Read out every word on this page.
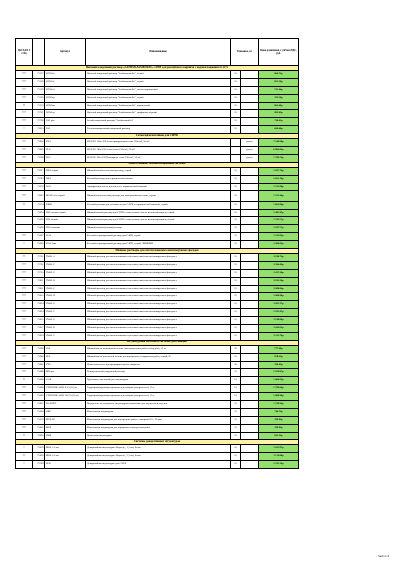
ЦО EAN 5 стбц		Артикул	Наименование	Упаковка, кг.		Цена розничная с учётом НДС, руб.
Цветной кладочный раствор «LAHTI/KASSMOKEL» LHM для российского кирпича с водопоглощением 6-12%						
***	72127	LHM ба	Цветной кладочный раствор "Lasikaasunteliii", белый	25		800.72р
***	72158	LHM бг	Цветной кладочный раствор "Lasikaasunteliii", серый	25		851.59р
***	72159	LHM сб	Цветной кладочный раствор "Lasikaasunteliii", светло-коричневый	25		731.46р
***	72120	LHM кр	Цветной кладочный раствор "Lasikaasunteliii", серый	25		785.59р
**	72133	LHM бм	Цветной кладочный раствор "Lasikaasunteliii", коричневый	25		861.09р
***	72721	LHM ер	Цветной кладочный раствор "Lasikaasunteliii", графитово-чёрный	25		893.82р
***	72798	LM_pbs	Белый кладочный раствор "Lasikaasunteliii"	25		738.41р
*	72615	LM	Теплоизоляционный кладочный раствор	25		686.48р
Сетки щёлочестойкие для СФТК						
***	72816	LW1	RU-LW1 160г/100 белая армирующая сетка 165г/м2, 50 м2		рулон	7 148.98р
***	72485	PLG	RU-PLG 160г/100 белая сетка 150г/м2, 50 м2		рулон	6 983.82р
***	72598	PGF	RU-PGF 165г/100 Панцирная сетка 330г/м2, 25 м2		рулон	7 789.72р
Многослойные теплоизоляционные системы						
***	72917	RKS серый	Шпаклёвочный и клеевой раствор, серый	25		1 837.76р
***	72583	RKS	Клеевой раствор для керамической плитки	25		1 653.18р
***	72678	RAS	Армирующая смесь для систем с керамической плиткой	25		1 531.98р
***	72667	MS-R3 ч/п серый	Шпаклёвочно-клеевой раствор для минераловатных плит, серый	25		1 701.46р
**	72574	KMB	Клеевой раствор для утеплителя для СФТК с керамической плиткой, серый	25		1 603.84р
	72614	RSS основа серый	Шпаклёвочный раствор для СФТК с нанесением слоя из пенополистирола, серый	25		1 495.47р
	72628	RSS белый	Шпаклёвочный раствор для СФТК с нанесением слоя из пенополистирола, белый	25		1 533.57р
	72438	RSS базовый	Шпаклёвочный базовый раствор	25		1 937.57р
***	72667	KAS	Клеевой и армирующий раствор для СФТК серый	25		1 321.83р
*	72665	KAS 3мм	Клеевой и армирующий раствор для СФТК, серый, ЗИМНИЙ	25		1 306.83р
Шовные растворы для систем навесных вентилируемых фасадов						
**	72701	FM-R. A	Шовный раствор для использования в системах навесных вентилируемых фасадов с	25		3 238.72р
***	72701	FM-R. F	Шовный раствор для использования в системах навесных вентилируемых фасадов с	25		3 394.43р
***	72710	FM-R. E	Шовный раствор для использования в системах навесных вентилируемых фасадов с	25		3 437.38р
***	72811	FM-R. B	Шовный раствор для использования в системах навесных вентилируемых фасадов с	25		3 232.39р
***	72811	FM-R. C	Шовный раствор для использования в системах навесных вентилируемых фасадов с	25		3 098.84р
***	72813	FM-R. D	Шовный раствор для использования в системах навесных вентилируемых фасадов с	25		3 088.98р
***	72814	FM-R. E	Шовный раствор для использования в системах навесных вентилируемых фасадов с	25		3 205.37р
***	72814	FM-R. F	Шовный раствор для использования в системах навесных вентилируемых фасадов с	25		3 335.47р
***	72815	FM-R. G	Шовный раствор для использования в системах навесных вентилируемых фасадов с	25		3 218.89р
***	72817	FM-R. H	Шовный раствор для использования в системах навесных вентилируемых фасадов с	25		3 433.05р
***	72819	FM-R. P	Шовный раствор для использования в системах навесных вентилируемых фасадов с	25		3 211.74р
Штукатурные системы и системы для санации						
***	72699	PSS	Шпаклёвка на полимерной основе для внутренних работ (сбор/доп), 25 кг	20		777.69р
***	72668	ZPL	Шпаклёвка на цементной основе для внутренних и наружных работ, серый, 25	25		878.22р
***	72682	ZYP	Цементная смесь для предварительного набрызга	30		706.43р
***	72688	MH-pro	Универсальный кладочный раствор	25		1 974.87р
**	72688	GAB	Грунтовка с щелочной pro штукатурки	10		1 800.05р
***	72686	VISTEROL SOW SAA (10) ai	Гидрофобизирующая пропитка для защиты поверхностей, 10 л	10		1 798.00р
***	72682	VISTEROL SOW 30(70) (10 ai)	Гидрофобизирующая пропитка для защиты поверхностей, 10 л	10		1 888.88р
***	72611	BA-BIXY	Внутреннее безусадочное штукатурная шпаклёвка для внутренней отделки	25		1 728.24р
***	72604	KBP	Известковая штукатурка	25		744.52р
***	72619	MEP-LE	Известковая штукатурка для внутренних работ с затиркой (10 - 30 мм)	25		789.82р
***	72641	MEP	Известковая штукатурка для наружных и внутренних работ	25		789.82р
**	72695	ZMP	Цементная штукатурка	25		625.11р
Системы декоративных штукатурок						
*	72619	MRS 1.5 мм	Декоративная штукатурка «Короед», 1,5 мм, белая	25		1 187.87р
**	72420	MRS 2.5 мм	Декоративная штукатурка «Короед», 2,5 мм, белая	25		1 176.88р
*	72789	SEO	Декоративная штукатурка для СФТК	25		1 235.33р
Sarla 1/4
